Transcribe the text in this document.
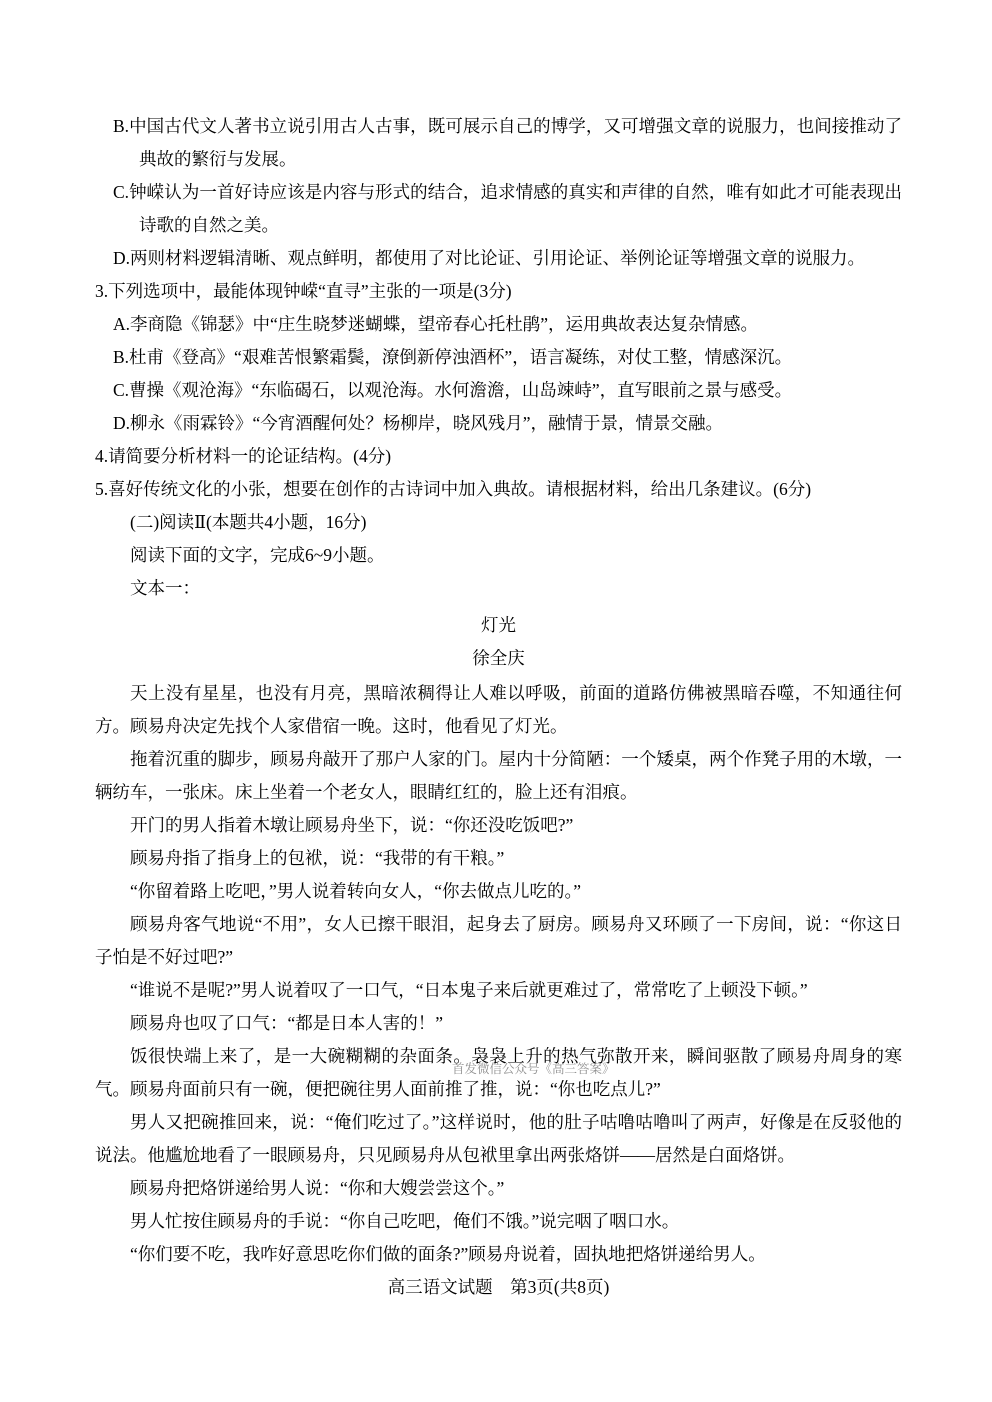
B.中国古代文人著书立说引用古人古事，既可展示自己的博学，又可增强文章的说服力，也间接推动了典故的繁衍与发展。
C.钟嵘认为一首好诗应该是内容与形式的结合，追求情感的真实和声律的自然，唯有如此才可能表现出诗歌的自然之美。
D.两则材料逻辑清晰、观点鲜明，都使用了对比论证、引用论证、举例论证等增强文章的说服力。
3.下列选项中，最能体现钟嵘“直寻”主张的一项是(3分)
A.李商隐《锦瑟》中“庄生晓梦迷蝴蝶，望帝春心托杜鹃”，运用典故表达复杂情感。
B.杜甫《登高》“艰难苦恨繁霜鬓，潦倒新停浊酒杯”，语言凝练，对仗工整，情感深沉。
C.曹操《观沧海》“东临碣石，以观沧海。水何澹澹，山岛竦峙”，直写眼前之景与感受。
D.柳永《雨霖铃》“今宵酒醒何处？杨柳岸，晓风残月”，融情于景，情景交融。
4.请简要分析材料一的论证结构。(4分)
5.喜好传统文化的小张，想要在创作的古诗词中加入典故。请根据材料，给出几条建议。(6分)
(二)阅读Ⅱ(本题共4小题，16分)
阅读下面的文字，完成6~9小题。
文本一：
灯光
徐全庆

天上没有星星，也没有月亮，黑暗浓稠得让人难以呼吸，前面的道路仿佛被黑暗吞噬，不知通往何方。顾易舟决定先找个人家借宿一晚。这时，他看见了灯光。

拖着沉重的脚步，顾易舟敲开了那户人家的门。屋内十分简陋：一个矮桌，两个作凳子用的木墩，一辆纺车，一张床。床上坐着一个老女人，眼睛红红的，脸上还有泪痕。

开门的男人指着木墩让顾易舟坐下，说：“你还没吃饭吧?”

顾易舟指了指身上的包袱，说：“我带的有干粮。”

“你留着路上吃吧，”男人说着转向女人，“你去做点儿吃的。”

顾易舟客气地说“不用”，女人已擦干眼泪，起身去了厨房。顾易舟又环顾了一下房间，说：“你这日子怕是不好过吧?”

“谁说不是呢?”男人说着叹了一口气，“日本鬼子来后就更难过了，常常吃了上顿没下顿。”

顾易舟也叹了口气：“都是日本人害的！”

饭很快端上来了，是一大碗糊糊的杂面条。袅袅上升的热气弥散开来，瞬间驱散了顾易舟周身的寒气。顾易舟面前只有一碗，便把碗往男人面前推了推，说：“你也吃点儿?”

男人又把碗推回来，说：“俺们吃过了。”这样说时，他的肚子咕噜咕噜叫了两声，好像是在反驳他的说法。他尴尬地看了一眼顾易舟，只见顾易舟从包袱里拿出两张烙饼——居然是白面烙饼。

顾易舟把烙饼递给男人说：“你和大嫂尝尝这个。”

男人忙按住顾易舟的手说：“你自己吃吧，俺们不饿。”说完咽了咽口水。

“你们要不吃，我咋好意思吃你们做的面条?”顾易舟说着，固执地把烙饼递给男人。

高三语文试题　第3页(共8页)
首发微信公众号《高三答案》
